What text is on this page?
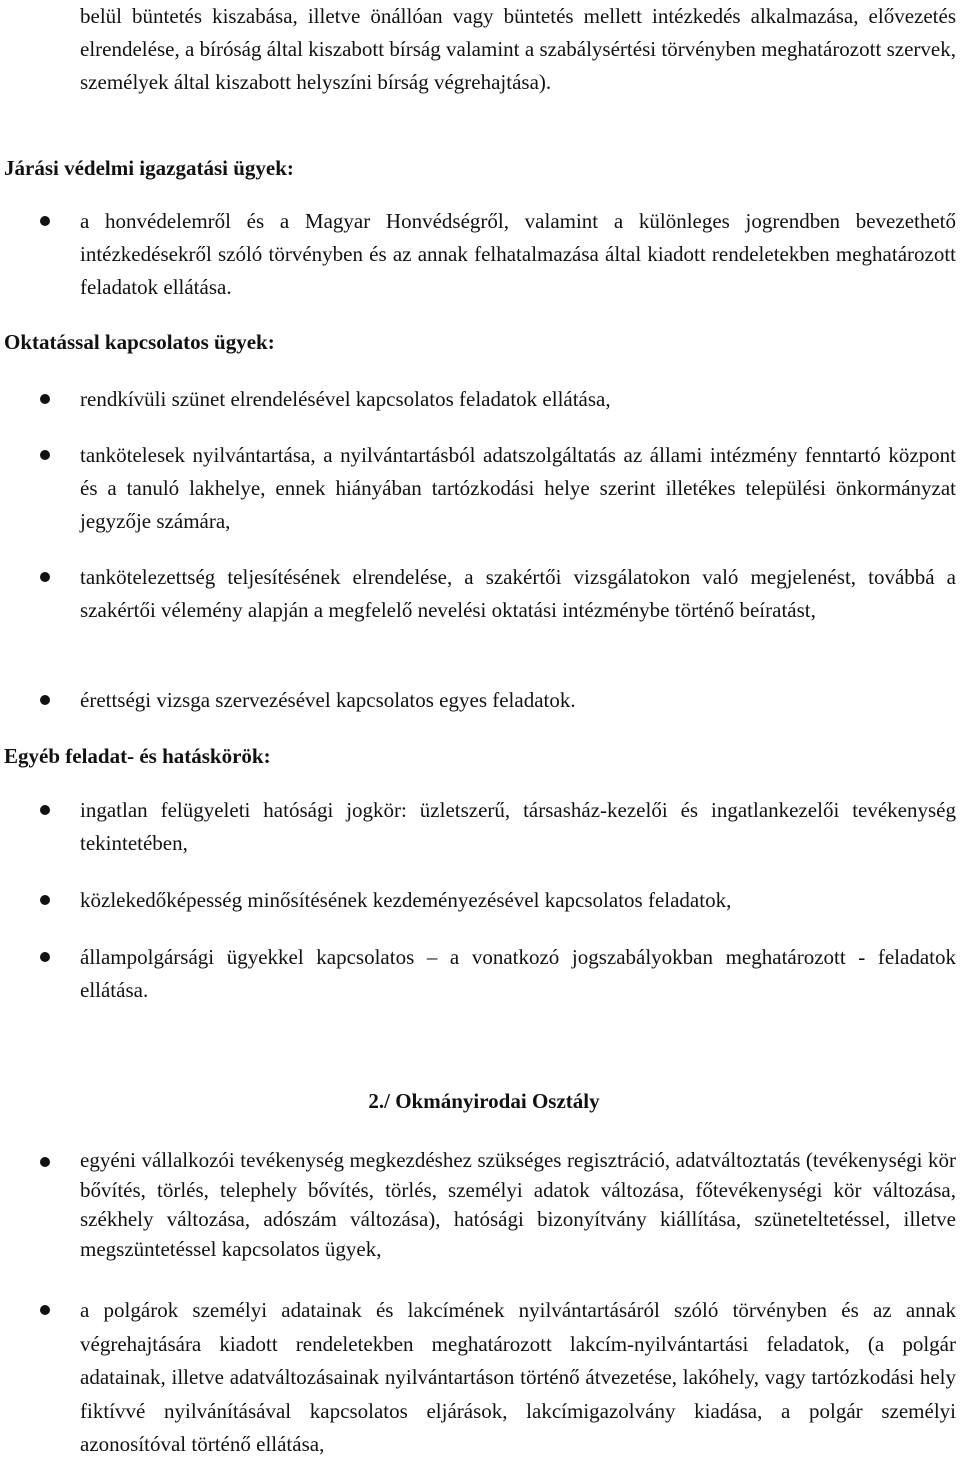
belül büntetés kiszabása, illetve önállóan vagy büntetés mellett intézkedés alkalmazása, elővezetés elrendelése, a bíróság által kiszabott bírság valamint a szabálysértési törvényben meghatározott szervek, személyek által kiszabott helyszíni bírság végrehajtása).
Járási védelmi igazgatási ügyek:
a honvédelemről és a Magyar Honvédségről, valamint a különleges jogrendben bevezethető intézkedésekről szóló törvényben és az annak felhatalmazása által kiadott rendeletekben meghatározott feladatok ellátása.
Oktatással kapcsolatos ügyek:
rendkívüli szünet elrendelésével kapcsolatos feladatok ellátása,
tankötelesek nyilvántartása, a nyilvántartásból adatszolgáltatás az állami intézmény fenntartó központ és a tanuló lakhelye, ennek hiányában tartózkodási helye szerint illetékes települési önkormányzat jegyzője számára,
tankötelezettség teljesítésének elrendelése, a szakértői vizsgálatokon való megjelenést, továbbá a szakértői vélemény alapján a megfelelő nevelési oktatási intézménybe történő beíratást,
érettségi vizsga szervezésével kapcsolatos egyes feladatok.
Egyéb feladat- és hatáskörök:
ingatlan felügyeleti hatósági jogkör: üzletszerű, társasház-kezelői és ingatlankezelői tevékenység tekintetében,
közlekedőképesség minősítésének kezdeményezésével kapcsolatos feladatok,
állampolgársági ügyekkel kapcsolatos – a vonatkozó jogszabályokban meghatározott - feladatok ellátása.
2./ Okmányirodai Osztály
egyéni vállalkozói tevékenység megkezdéshez szükséges regisztráció, adatváltoztatás (tevékenységi kör bővítés, törlés, telephely bővítés, törlés, személyi adatok változása, főtevékenységi kör változása, székhely változása, adószám változása), hatósági bizonyítvány kiállítása, szüneteltetéssel, illetve megszüntetéssel kapcsolatos ügyek,
a polgárok személyi adatainak és lakcímének nyilvántartásáról szóló törvényben és az annak végrehajtására kiadott rendeletekben meghatározott lakcím-nyilvántartási feladatok, (a polgár adatainak, illetve adatváltozásainak nyilvántartáson történő átvezetése, lakóhely, vagy tartózkodási hely fiktívvé nyilvánításával kapcsolatos eljárások, lakcímigazolvány kiadása, a polgár személyi azonosítóval történő ellátása,
